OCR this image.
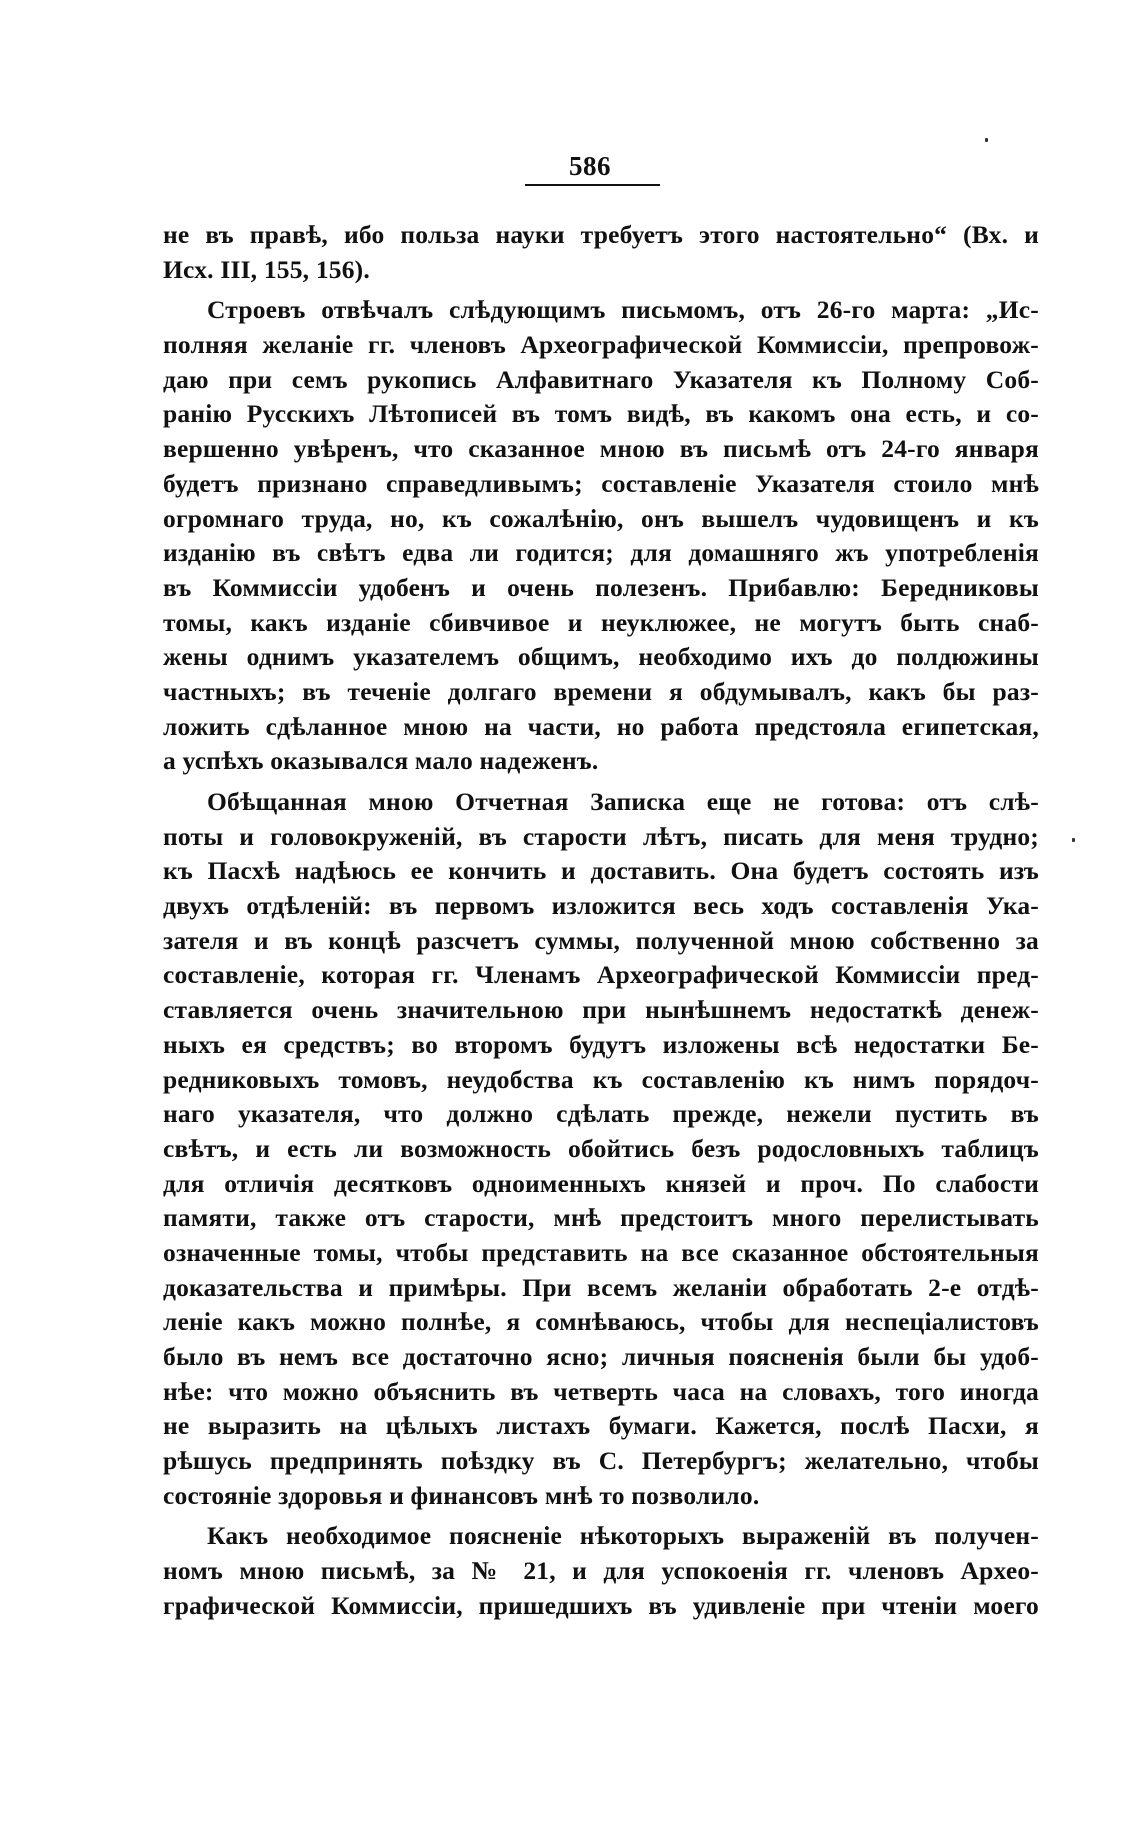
586
не въ правѣ, ибо польза науки требуетъ этого настоятельно“ (Вх. и
Исх. III, 155, 156).
Строевъ отвѣчалъ слѣдующимъ письмомъ, отъ 26-го марта: „Ис-
полняя желаніе гг. членовъ Археографической Коммиссіи, препровож-
даю при семъ рукопись Алфавитнаго Указателя къ Полному Соб-
ранію Русскихъ Лѣтописей въ томъ видѣ, въ какомъ она есть, и со-
вершенно увѣренъ, что сказанное мною въ письмѣ отъ 24-го января
будетъ признано справедливымъ; составленіе Указателя стоило мнѣ
огромнаго труда, но, къ сожалѣнію, онъ вышелъ чудовищенъ и къ
изданію въ свѣтъ едва ли годится; для домашняго жъ употребленія
въ Коммиссіи удобенъ и очень полезенъ. Прибавлю: Бередниковы
томы, какъ изданіе сбивчивое и неуклюжее, не могутъ быть снаб-
жены однимъ указателемъ общимъ, необходимо ихъ до полдюжины
частныхъ; въ теченіе долгаго времени я обдумывалъ, какъ бы раз-
ложить сдѣланное мною на части, но работа предстояла египетская,
а успѣхъ оказывался мало надеженъ.
Обѣщанная мною Отчетная Записка еще не готова: отъ слѣ-
поты и головокруженій, въ старости лѣтъ, писать для меня трудно;
къ Пасхѣ надѣюсь ее кончить и доставить. Она будетъ состоять изъ
двухъ отдѣленій: въ первомъ изложится весь ходъ составленія Ука-
зателя и въ концѣ разсчетъ суммы, полученной мною собственно за
составленіе, которая гг. Членамъ Археографической Коммиссіи пред-
ставляется очень значительною при нынѣшнемъ недостаткѣ денеж-
ныхъ ея средствъ; во второмъ будутъ изложены всѣ недостатки Бе-
редниковыхъ томовъ, неудобства къ составленію къ нимъ порядоч-
наго указателя, что должно сдѣлать прежде, нежели пустить въ
свѣтъ, и есть ли возможность обойтись безъ родословныхъ таблицъ
для отличія десятковъ одноименныхъ князей и проч. По слабости
памяти, также отъ старости, мнѣ предстоитъ много перелистывать
означенные томы, чтобы представить на все сказанное обстоятельныя
доказательства и примѣры. При всемъ желаніи обработать 2-е отдѣ-
леніе какъ можно полнѣе, я сомнѣваюсь, чтобы для неспеціалистовъ
было въ немъ все достаточно ясно; личныя поясненія были бы удоб-
нѣе: что можно объяснить въ четверть часа на словахъ, того иногда
не выразить на цѣлыхъ листахъ бумаги. Кажется, послѣ Пасхи, я
рѣшусь предпринять поѣздку въ С. Петербургъ; желательно, чтобы
состояніе здоровья и финансовъ мнѣ то позволило.
Какъ необходимое поясненіе нѣкоторыхъ выраженій въ получен-
номъ мною письмѣ, за № 21, и для успокоенія гг. членовъ Архео-
графической Коммиссіи, пришедшихъ въ удивленіе при чтеніи моего
